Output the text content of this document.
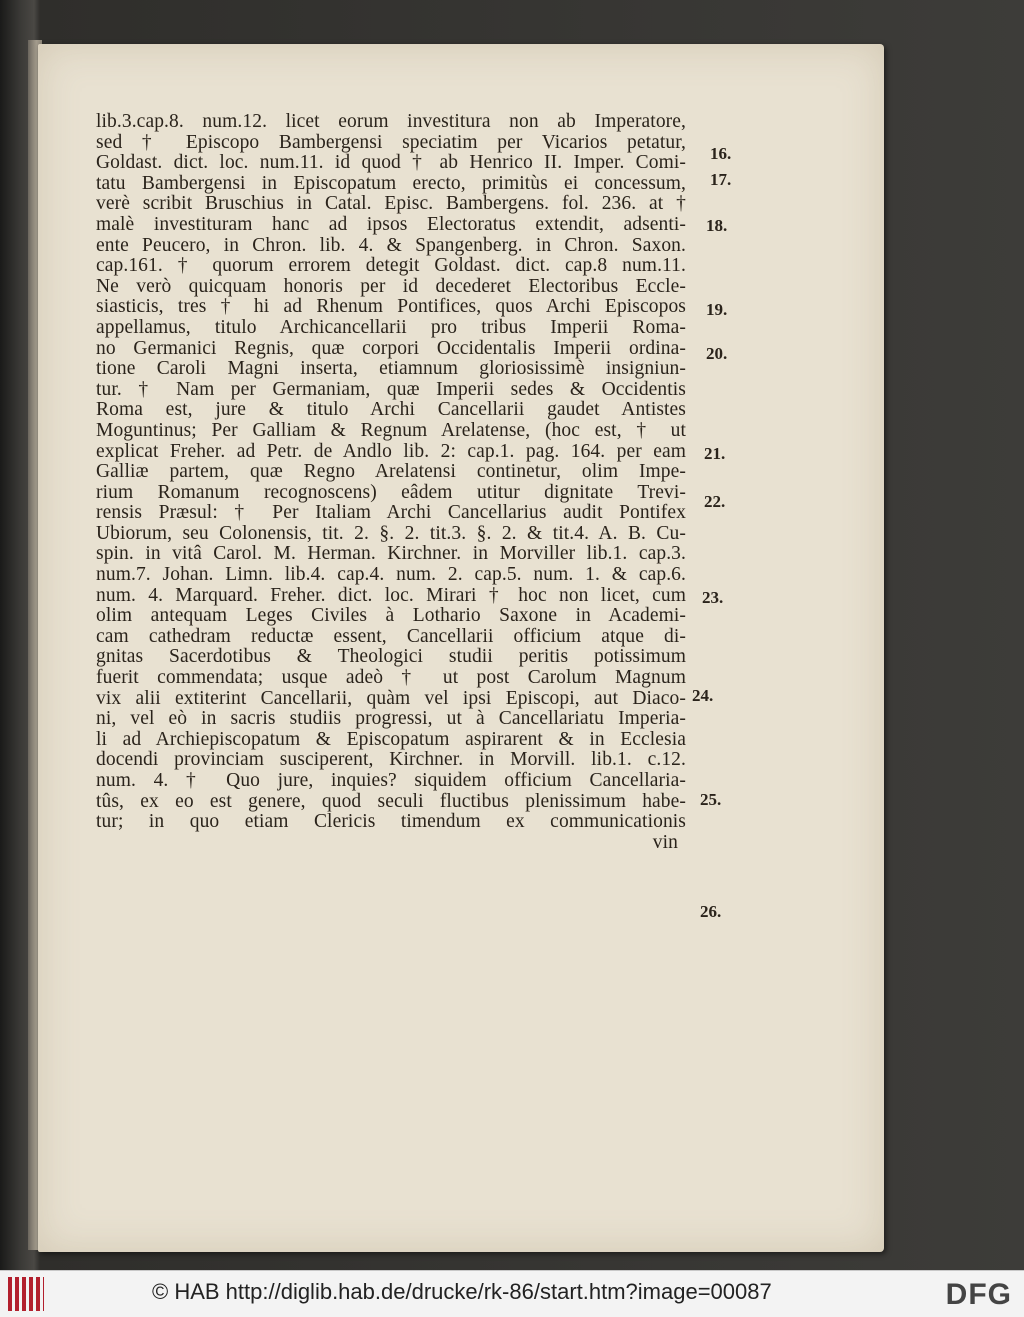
lib.3.cap.8. num.12. licet eorum investitura non ab Imperatore,
sed † Episcopo Bambergensi speciatim per Vicarios petatur,
Goldast. dict. loc. num.11. id quod † ab Henrico II. Imper. Comi-
tatu Bambergensi in Episcopatum erecto, primitùs ei concessum,
verè scribit Bruschius in Catal. Episc. Bambergens. fol. 236. at †
malè investituram hanc ad ipsos Electoratus extendit, adsenti-
ente Peucero, in Chron. lib. 4. & Spangenberg. in Chron. Saxon.
cap.161. † quorum errorem detegit Goldast. dict. cap.8 num.11.
Ne verò quicquam honoris per id decederet Electoribus Eccle-
siasticis, tres † hi ad Rhenum Pontifices, quos Archi Episcopos
appellamus, titulo Archicancellarii pro tribus Imperii Roma-
no Germanici Regnis, quæ corpori Occidentalis Imperii ordina-
tione Caroli Magni inserta, etiamnum gloriosissimè insigniun-
tur. † Nam per Germaniam, quæ Imperii sedes & Occidentis
Roma est, jure & titulo Archi Cancellarii gaudet Antistes
Moguntinus; Per Galliam & Regnum Arelatense, (hoc est, † ut
explicat Freher. ad Petr. de Andlo lib. 2: cap.1. pag. 164. per eam
Galliæ partem, quæ Regno Arelatensi continetur, olim Impe-
rium Romanum recognoscens) eâdem utitur dignitate Trevi-
rensis Præsul: † Per Italiam Archi Cancellarius audit Pontifex
Ubiorum, seu Colonensis, tit. 2. §. 2. tit.3. §. 2. & tit.4. A. B. Cu-
spin. in vitâ Carol. M. Herman. Kirchner. in Morviller lib.1. cap.3.
num.7. Johan. Limn. lib.4. cap.4. num. 2. cap.5. num. 1. & cap.6.
num. 4. Marquard. Freher. dict. loc. Mirari † hoc non licet, cum
olim antequam Leges Civiles à Lothario Saxone in Academi-
cam cathedram reductæ essent, Cancellarii officium atque di-
gnitas Sacerdotibus & Theologici studii peritis potissimum
fuerit commendata; usque adeò † ut post Carolum Magnum
vix alii extiterint Cancellarii, quàm vel ipsi Episcopi, aut Diaco-
ni, vel eò in sacris studiis progressi, ut à Cancellariatu Imperia-
li ad Archiepiscopatum & Episcopatum aspirarent & in Ecclesia
docendi provinciam susciperent, Kirchner. in Morvill. lib.1. c.12.
num. 4. † Quo jure, inquies? siquidem officium Cancellaria-
tûs, ex eo est genere, quod seculi fluctibus plenissimum habe-
tur; in quo etiam Clericis timendum ex communicationis
vin
16.
17.
18.
19.
20.
21.
22.
23.
24.
25.
26.
© HAB http://diglib.hab.de/drucke/rk-86/start.htm?image=00087	DFG
